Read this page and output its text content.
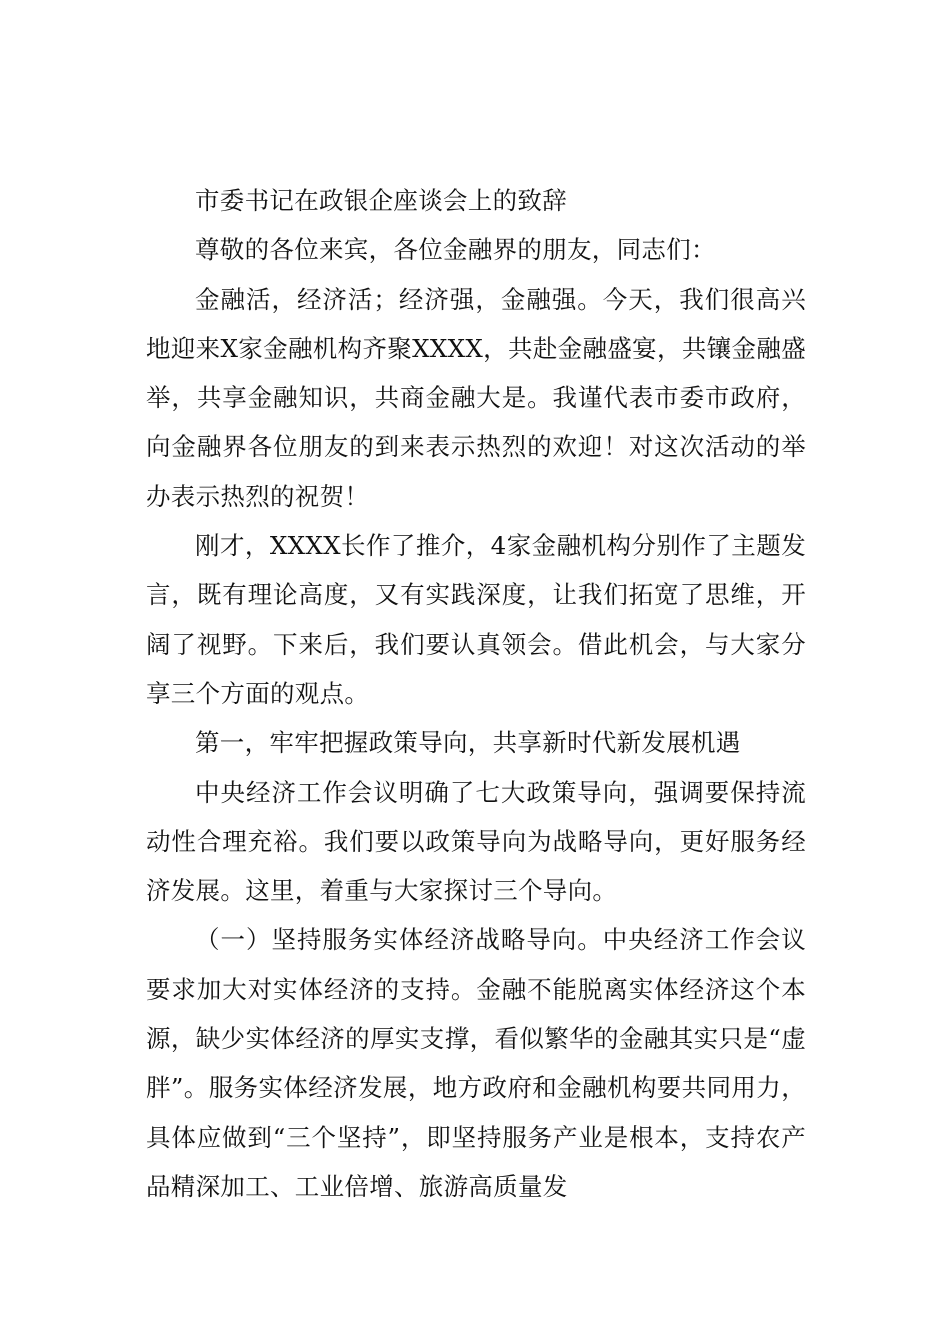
市委书记在政银企座谈会上的致辞

尊敬的各位来宾，各位金融界的朋友，同志们：

金融活，经济活；经济强，金融强。今天，我们很高兴地迎来X家金融机构齐聚XXXX，共赴金融盛宴，共镶金融盛举，共享金融知识，共商金融大是。我谨代表市委市政府，向金融界各位朋友的到来表示热烈的欢迎！对这次活动的举办表示热烈的祝贺！

刚才，XXXX长作了推介，4家金融机构分别作了主题发言，既有理论高度，又有实践深度，让我们拓宽了思维，开阔了视野。下来后，我们要认真领会。借此机会，与大家分享三个方面的观点。

第一，牢牢把握政策导向，共享新时代新发展机遇

中央经济工作会议明确了七大政策导向，强调要保持流动性合理充裕。我们要以政策导向为战略导向，更好服务经济发展。这里，着重与大家探讨三个导向。

（一）坚持服务实体经济战略导向。中央经济工作会议要求加大对实体经济的支持。金融不能脱离实体经济这个本源，缺少实体经济的厚实支撑，看似繁华的金融其实只是“虚胖”。服务实体经济发展，地方政府和金融机构要共同用力，具体应做到“三个坚持”，即坚持服务产业是根本，支持农产品精深加工、工业倍增、旅游高质量发
